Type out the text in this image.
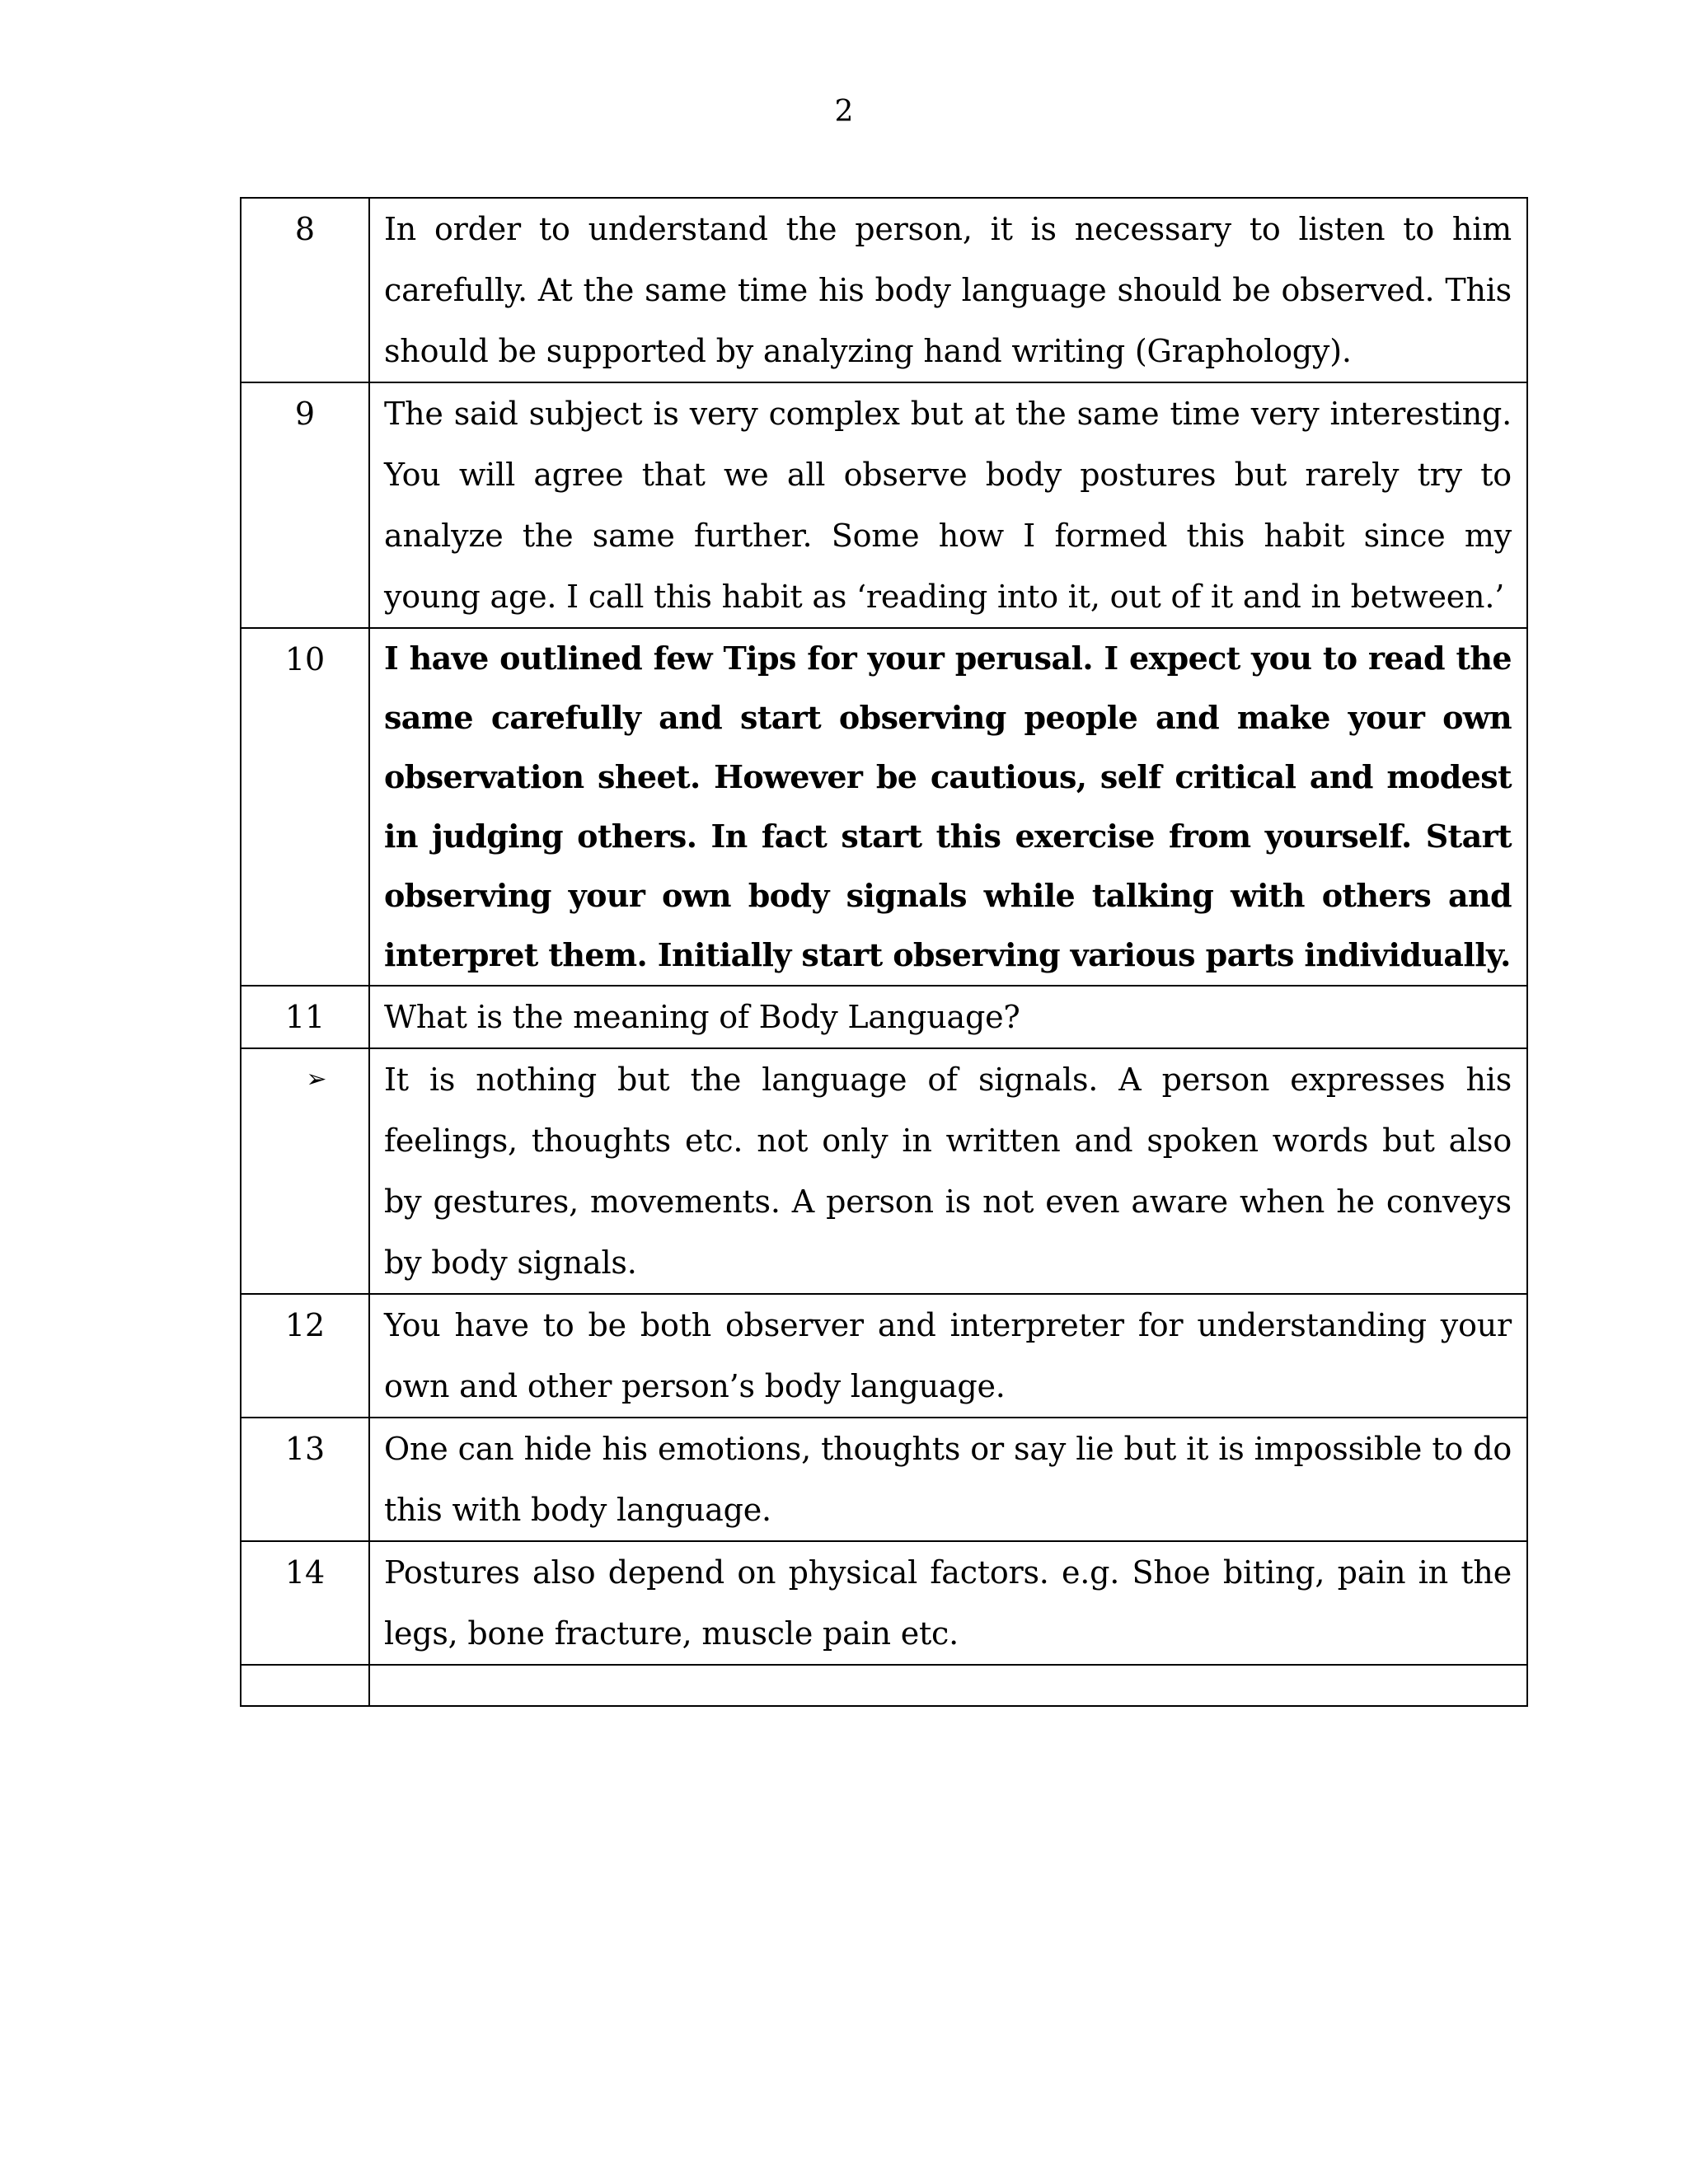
2
8	In order to understand the person, it is necessary to listen to him carefully. At the same time his body language should be observed. This should be supported by analyzing hand writing (Graphology).

9	The said subject is very complex but at the same time very interesting. You will agree that we all observe body postures but rarely try to analyze the same further. Some how I formed this habit since my young age. I call this habit as ‘reading into it, out of it and in between.’

10	I have outlined few Tips for your perusal. I expect you to read the same carefully and start observing people and make your own observation sheet. However be cautious, self critical and modest in judging others. In fact start this exercise from yourself. Start observing your own body signals while talking with others and interpret them. Initially start observing various parts individually.

11	What is the meaning of Body Language?

➢	It is nothing but the language of signals. A person expresses his feelings, thoughts etc. not only in written and spoken words but also by gestures, movements. A person is not even aware when he conveys by body signals.

12	You have to be both observer and interpreter for understanding your own and other person’s body language.

13	One can hide his emotions, thoughts or say lie but it is impossible to do this with body language.

14	Postures also depend on physical factors. e.g. Shoe biting, pain in the legs, bone fracture, muscle pain etc.
